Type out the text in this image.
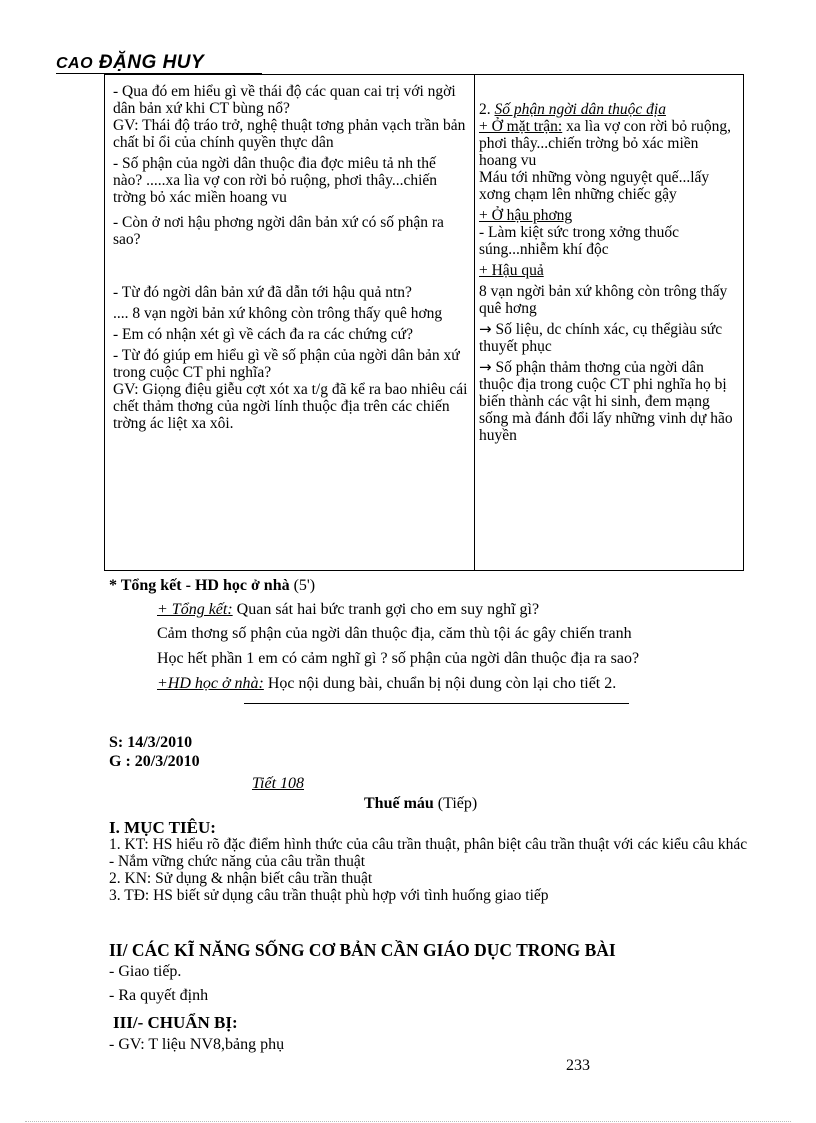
CAO ĐẶNG HUY

- Qua đó em hiểu gì về thái độ các quan cai trị với ngời dân bản xứ khi CT bùng nổ?

GV: Thái độ tráo trở, nghệ thuật tơng phản vạch trần bản chất bỉ ổi của chính quyền thực dân

- Số phận của ngời dân thuộc đia đợc miêu tả nh thế nào? .....xa lìa vợ con rời bỏ ruộng, phơi thây...chiến trờng bỏ xác miền hoang vu

- Còn ở nơi hậu phơng ngời dân bản xứ có số phận ra sao?

- Từ đó ngời dân bản xứ đã dẫn tới hậu quả ntn?

.... 8 vạn ngời bản xứ không còn trông thấy quê hơng

- Em có nhận xét gì về cách đa ra các chứng cứ?

- Từ đó giúp em hiểu gì về số phận của ngời dân bản xứ trong cuộc CT phi nghĩa?

GV: Giọng điệu giễu cợt xót xa t/g đã kể ra bao nhiêu cái chết thảm thơng của ngời lính thuộc địa trên các chiến trờng ác liệt xa xôi.

2. Số phận ngời dân thuộc địa

+ Ở mặt trận: xa lìa vợ con rời bỏ ruộng, phơi thây...chiến trờng bỏ xác miền hoang vu

Máu tới những vòng nguyệt quế...lấy xơng chạm lên những chiếc gậy

+ Ở hậu phơng

- Làm kiệt sức trong xởng thuốc súng...nhiễm khí độc

+ Hậu quả

8 vạn ngời bản xứ không còn trông thấy quê hơng

→ Số liệu, dc chính xác, cụ thểgiàu sức thuyết phục

→ Số phận thảm thơng của ngời dân thuộc địa trong cuộc CT phi nghĩa họ bị biến thành các vật hi sinh, đem mạng sống mà đánh đổi lấy những vinh dự hão huyền

* Tổng kết - HD học ở nhà (5')
+ Tổng kết: Quan sát hai bức tranh gợi cho em suy nghĩ gì?
Cảm thơng số phận của ngời dân thuộc địa, căm thù tội ác gây chiến tranh
Học hết phần 1 em có cảm nghĩ gì ? số phận của ngời dân thuộc địa ra sao?
+HD học ở nhà: Học nội dung bài, chuẩn bị nội dung còn lại cho tiết 2.
S: 14/3/2010
G : 20/3/2010
Tiết 108
Thuế máu (Tiếp)
I. MỤC TIÊU:

1. KT: HS hiểu rõ đặc điểm hình thức của câu trần thuật, phân biệt câu trần thuật với các kiểu câu khác

- Nắm vững chức năng của câu trần thuật

2. KN: Sử dụng & nhận biết câu trần thuật

3. TĐ: HS biết sử dụng câu trần thuật phù hợp với tình huống giao tiếp

II/ CÁC KĨ NĂNG SỐNG CƠ BẢN CẦN GIÁO DỤC TRONG BÀI
- Giao tiếp.
- Ra quyết định
III/- CHUẨN BỊ:
- GV: T liệu NV8,bảng phụ
233
